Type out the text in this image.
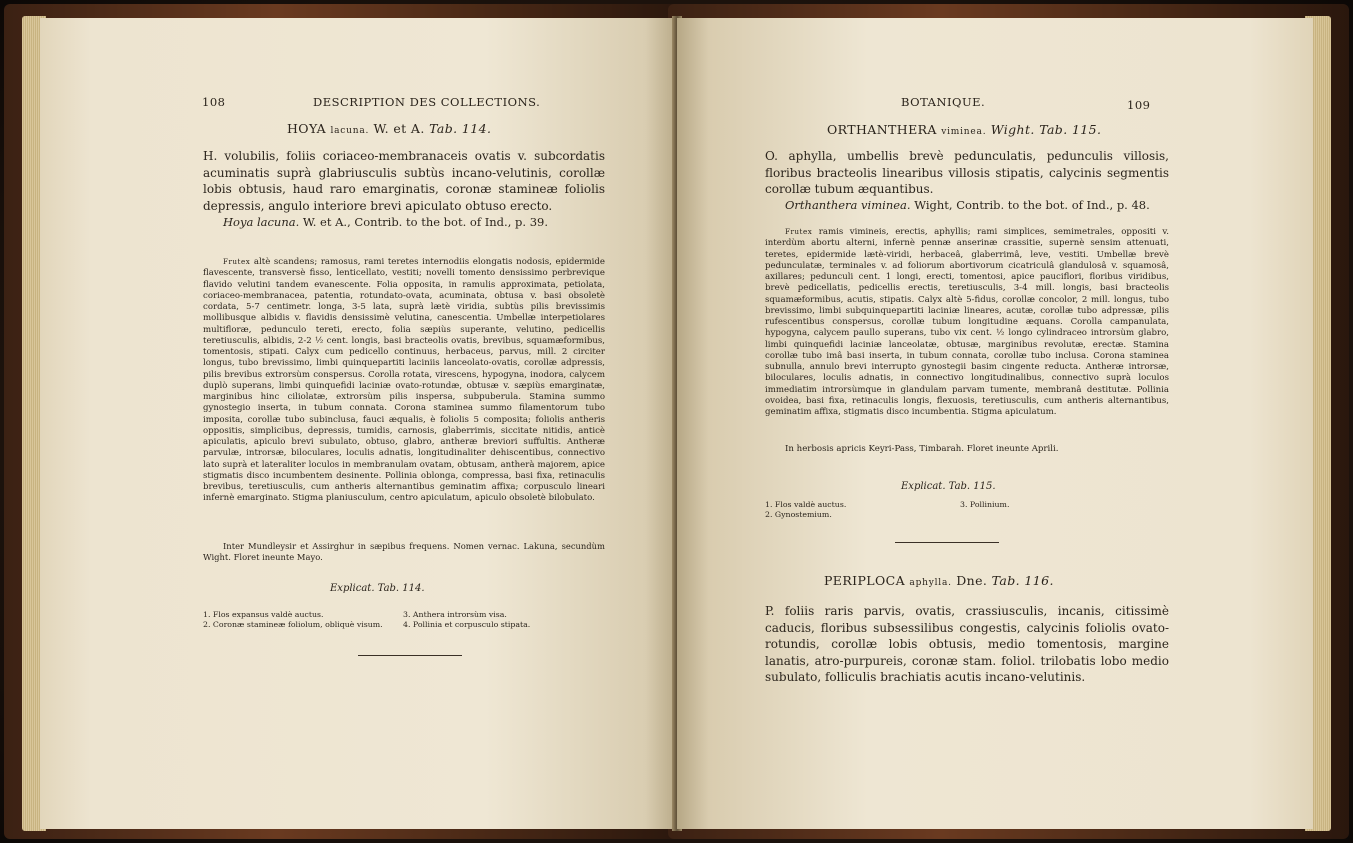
108	DESCRIPTION DES COLLECTIONS.
HOYA lacuna. W. et A. Tab. 114.
H. volubilis, foliis coriaceo-membranaceis ovatis v. subcordatis acuminatis suprà glabriusculis subtùs incano-velutinis, corollæ lobis obtusis, haud raro emarginatis, coronæ stamineæ foliolis depressis, angulo interiore brevi apiculato obtuso erecto.
Hoya lacuna. W. et A., Contrib. to the bot. of Ind., p. 39.
Frutex altè scandens; ramosus, rami teretes internodiis elongatis nodosis, epidermide flavescente, transversè fisso, lenticellato, vestiti; novelli tomento densissimo perbrevique flavido velutini tandem evanescente. Folia opposita, in ramulis approximata, petiolata, coriaceo-membranacea, patentia, rotundato-ovata, acuminata, obtusa v. basi obsoletè cordata, 5-7 centimetr. longa, 3-5 lata, suprà lætè viridia, subtùs pilis brevissimis mollibusque albidis v. flavidis densissimè velutina, canescentia. Umbellæ interpetiolares multifloræ, pedunculo tereti, erecto, folia sæpiùs superante, velutino, pedicellis teretiusculis, albidis, 2-2 ½ cent. longis, basi bracteolis ovatis, brevibus, squamæformibus, tomentosis, stipati. Calyx cum pedicello continuus, herbaceus, parvus, mill. 2 circiter longus, tubo brevissimo, limbi quinquepartiti laciniis lanceolato-ovatis, corollæ adpressis, pilis brevibus extrorsùm conspersus. Corolla rotata, virescens, hypogyna, inodora, calycem duplò superans, limbi quinquefidi laciniæ ovato-rotundæ, obtusæ v. sæpiùs emarginatæ, marginibus hinc ciliolatæ, extrorsùm pilis inspersa, subpuberula. Stamina summo gynostegio inserta, in tubum connata. Corona staminea summo filamentorum tubo imposita, corollæ tubo subinclusa, fauci æqualis, è foliolis 5 composita; foliolis antheris oppositis, simplicibus, depressis, tumidis, carnosis, glaberrimis, siccitate nitidis, anticè apiculatis, apiculo brevi subulato, obtuso, glabro, antheræ breviori suffultis. Antheræ parvulæ, introrsæ, biloculares, loculis adnatis, longitudinaliter dehiscentibus, connectivo lato suprà et lateraliter loculos in membranulam ovatam, obtusam, antherà majorem, apice stigmatis disco incumbentem desinente. Pollinia oblonga, compressa, basi fixa, retinaculis brevibus, teretiusculis, cum antheris alternantibus geminatim affixa; corpusculo lineari infernè emarginato. Stigma planiusculum, centro apiculatum, apiculo obsoletè bilobulato.
Inter Mundleysir et Assirghur in sæpibus frequens. Nomen vernac. Lakuna, secundùm Wight. Floret ineunte Mayo.
Explicat. Tab. 114.
1. Flos expansus valdè auctus.
2. Coronæ stamineæ foliolum, obliquè visum.
3. Anthera introrsùm visa.
4. Pollinia et corpusculo stipata.
BOTANIQUE.	109
ORTHANTHERA viminea. Wight. Tab. 115.
O. aphylla, umbellis brevè pedunculatis, pedunculis villosis, floribus bracteolis linearibus villosis stipatis, calycinis segmentis corollæ tubum æquantibus.
Orthanthera viminea. Wight, Contrib. to the bot. of Ind., p. 48.
Frutex ramis vimineis, erectis, aphyllis; rami simplices, semimetrales, oppositi v. interdùm abortu alterni, infernè pennæ anserinæ crassitie, supernè sensim attenuati, teretes, epidermide lætè-viridi, herbaceâ, glaberrimâ, leve, vestiti. Umbellæ brevè pedunculatæ, terminales v. ad foliorum abortivorum cicatriculâ glandulosâ v. squamosâ, axillares; pedunculi cent. 1 longi, erecti, tomentosi, apice pauciflori, floribus viridibus, brevè pedicellatis, pedicellis erectis, teretiusculis, 3-4 mill. longis, basi bracteolis squamæformibus, acutis, stipatis. Calyx altè 5-fidus, corollæ concolor, 2 mill. longus, tubo brevissimo, limbi subquinquepartiti laciniæ lineares, acutæ, corollæ tubo adpressæ, pilis rufescentibus conspersus, corollæ tubum longitudine æquans. Corolla campanulata, hypogyna, calycem paullo superans, tubo vix cent. ½ longo cylindraceo introrsùm glabro, limbi quinquefidi laciniæ lanceolatæ, obtusæ, marginibus revolutæ, erectæ. Stamina corollæ tubo imâ basi inserta, in tubum connata, corollæ tubo inclusa. Corona staminea subnulla, annulo brevi interrupto gynostegii basim cingente reducta. Antheræ introrsæ, biloculares, loculis adnatis, in connectivo longitudinalibus, connectivo suprà loculos immediatim introrsùmque in glandulam parvam tumente, membranâ destitutæ. Pollinia ovoidea, basi fixa, retinaculis longis, flexuosis, teretiusculis, cum antheris alternantibus, geminatim affixa, stigmatis disco incumbentia. Stigma apiculatum.
In herbosis apricis Keyri-Pass, Timbarah. Floret ineunte Aprili.
Explicat. Tab. 115.
1. Flos valdè auctus.
2. Gynostemium.
3. Pollinium.
PERIPLOCA aphylla. Dne. Tab. 116.
P. foliis raris parvis, ovatis, crassiusculis, incanis, citissimè caducis, floribus subsessilibus congestis, calycinis foliolis ovato-rotundis, corollæ lobis obtusis, medio tomentosis, margine lanatis, atro-purpureis, coronæ stam. foliol. trilobatis lobo medio subulato, folliculis brachiatis acutis incano-velutinis.
